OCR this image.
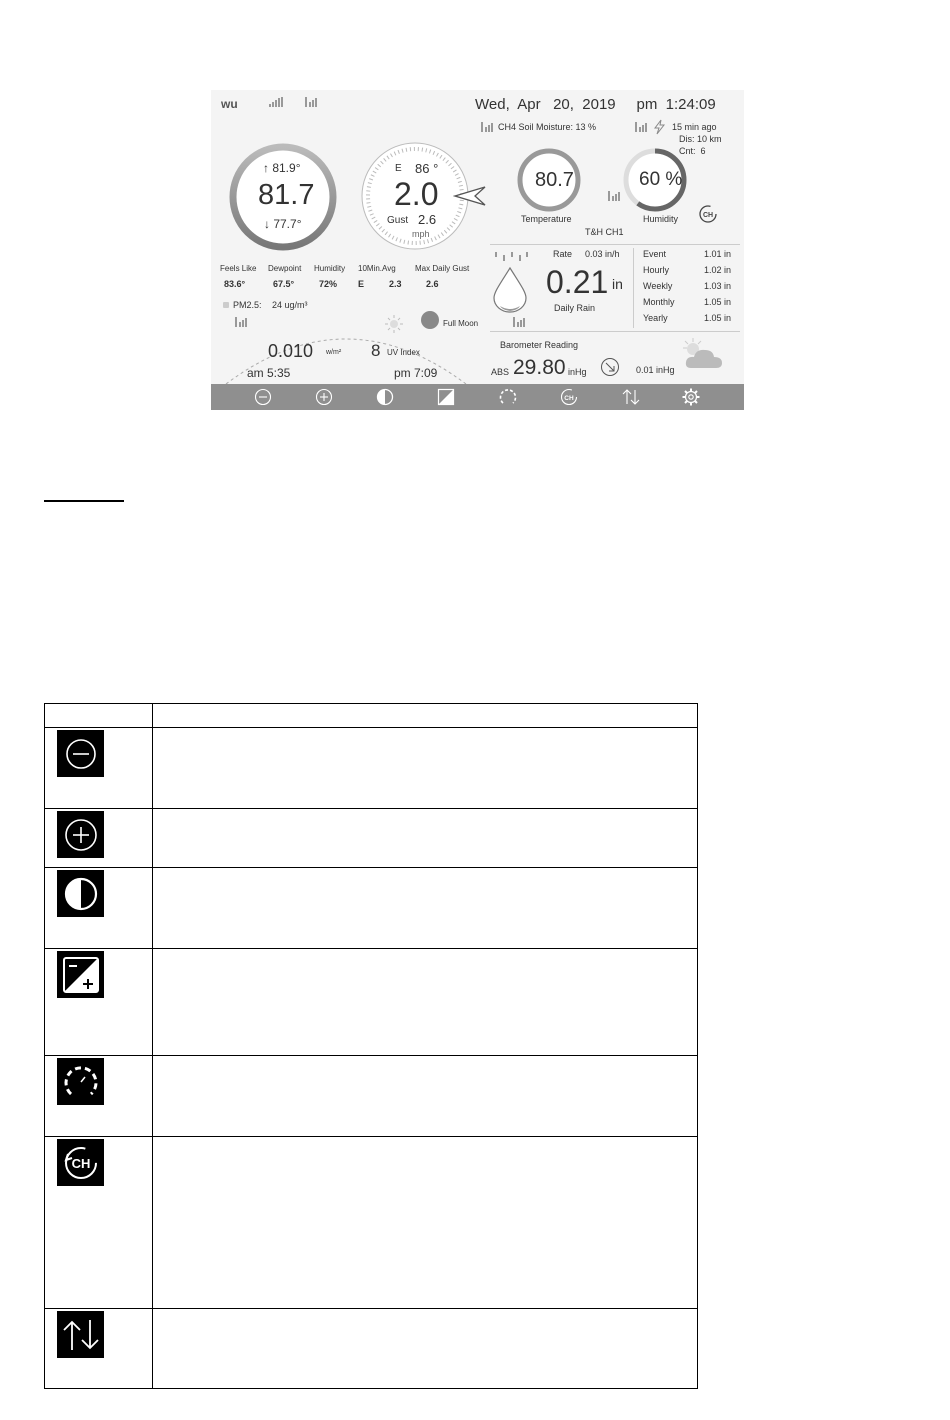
wu	Wed,  Apr   20,  2019     pm  1:24:09
CH4 Soil Moisture: 13 %	15 min ago
Dis: 10 km
Cnt:  6
↑ 81.9°
81.7
↓ 77.7°
E 86 °
2.0
Gust 2.6
mph
80.7
Temperature
60 %
Humidity	CH
T&H CH1
Feels Like Dewpoint Humidity 10Min.Avg Max Daily Gust
83.6°	67.5°	72% E	2.3	2.6
PM2.5: 24 ug/m³
Full Moon
0.010 w/m² 8 UV Index
am 5:35	pm 7:09
Rate 0.03 in/h
0.21 in
Daily Rain
Event	1.01 in
Hourly	1.02 in
Weekly	1.03 in
Monthly	1.05 in
Yearly	1.05 in
Barometer Reading
ABS 29.80 inHg	0.01 inHg
CH
CH
